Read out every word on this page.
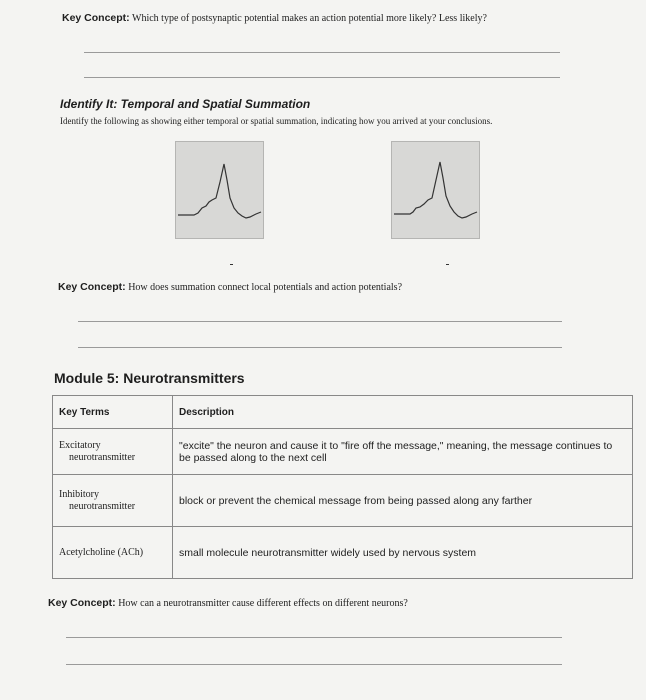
Key Concept: Which type of postsynaptic potential makes an action potential more likely? Less likely?
Identify It: Temporal and Spatial Summation
Identify the following as showing either temporal or spatial summation, indicating how you arrived at your conclusions.
Key Concept: How does summation connect local potentials and action potentials?
Module 5: Neurotransmitters
Key Terms	Description
Excitatory
neurotransmitter	"excite" the neuron and cause it to "fire off the message," meaning, the message continues to be passed along to the next cell
Inhibitory
neurotransmitter	block or prevent the chemical message from being passed along any farther
Acetylcholine (ACh)	small molecule neurotransmitter widely used by nervous system
Key Concept: How can a neurotransmitter cause different effects on different neurons?
